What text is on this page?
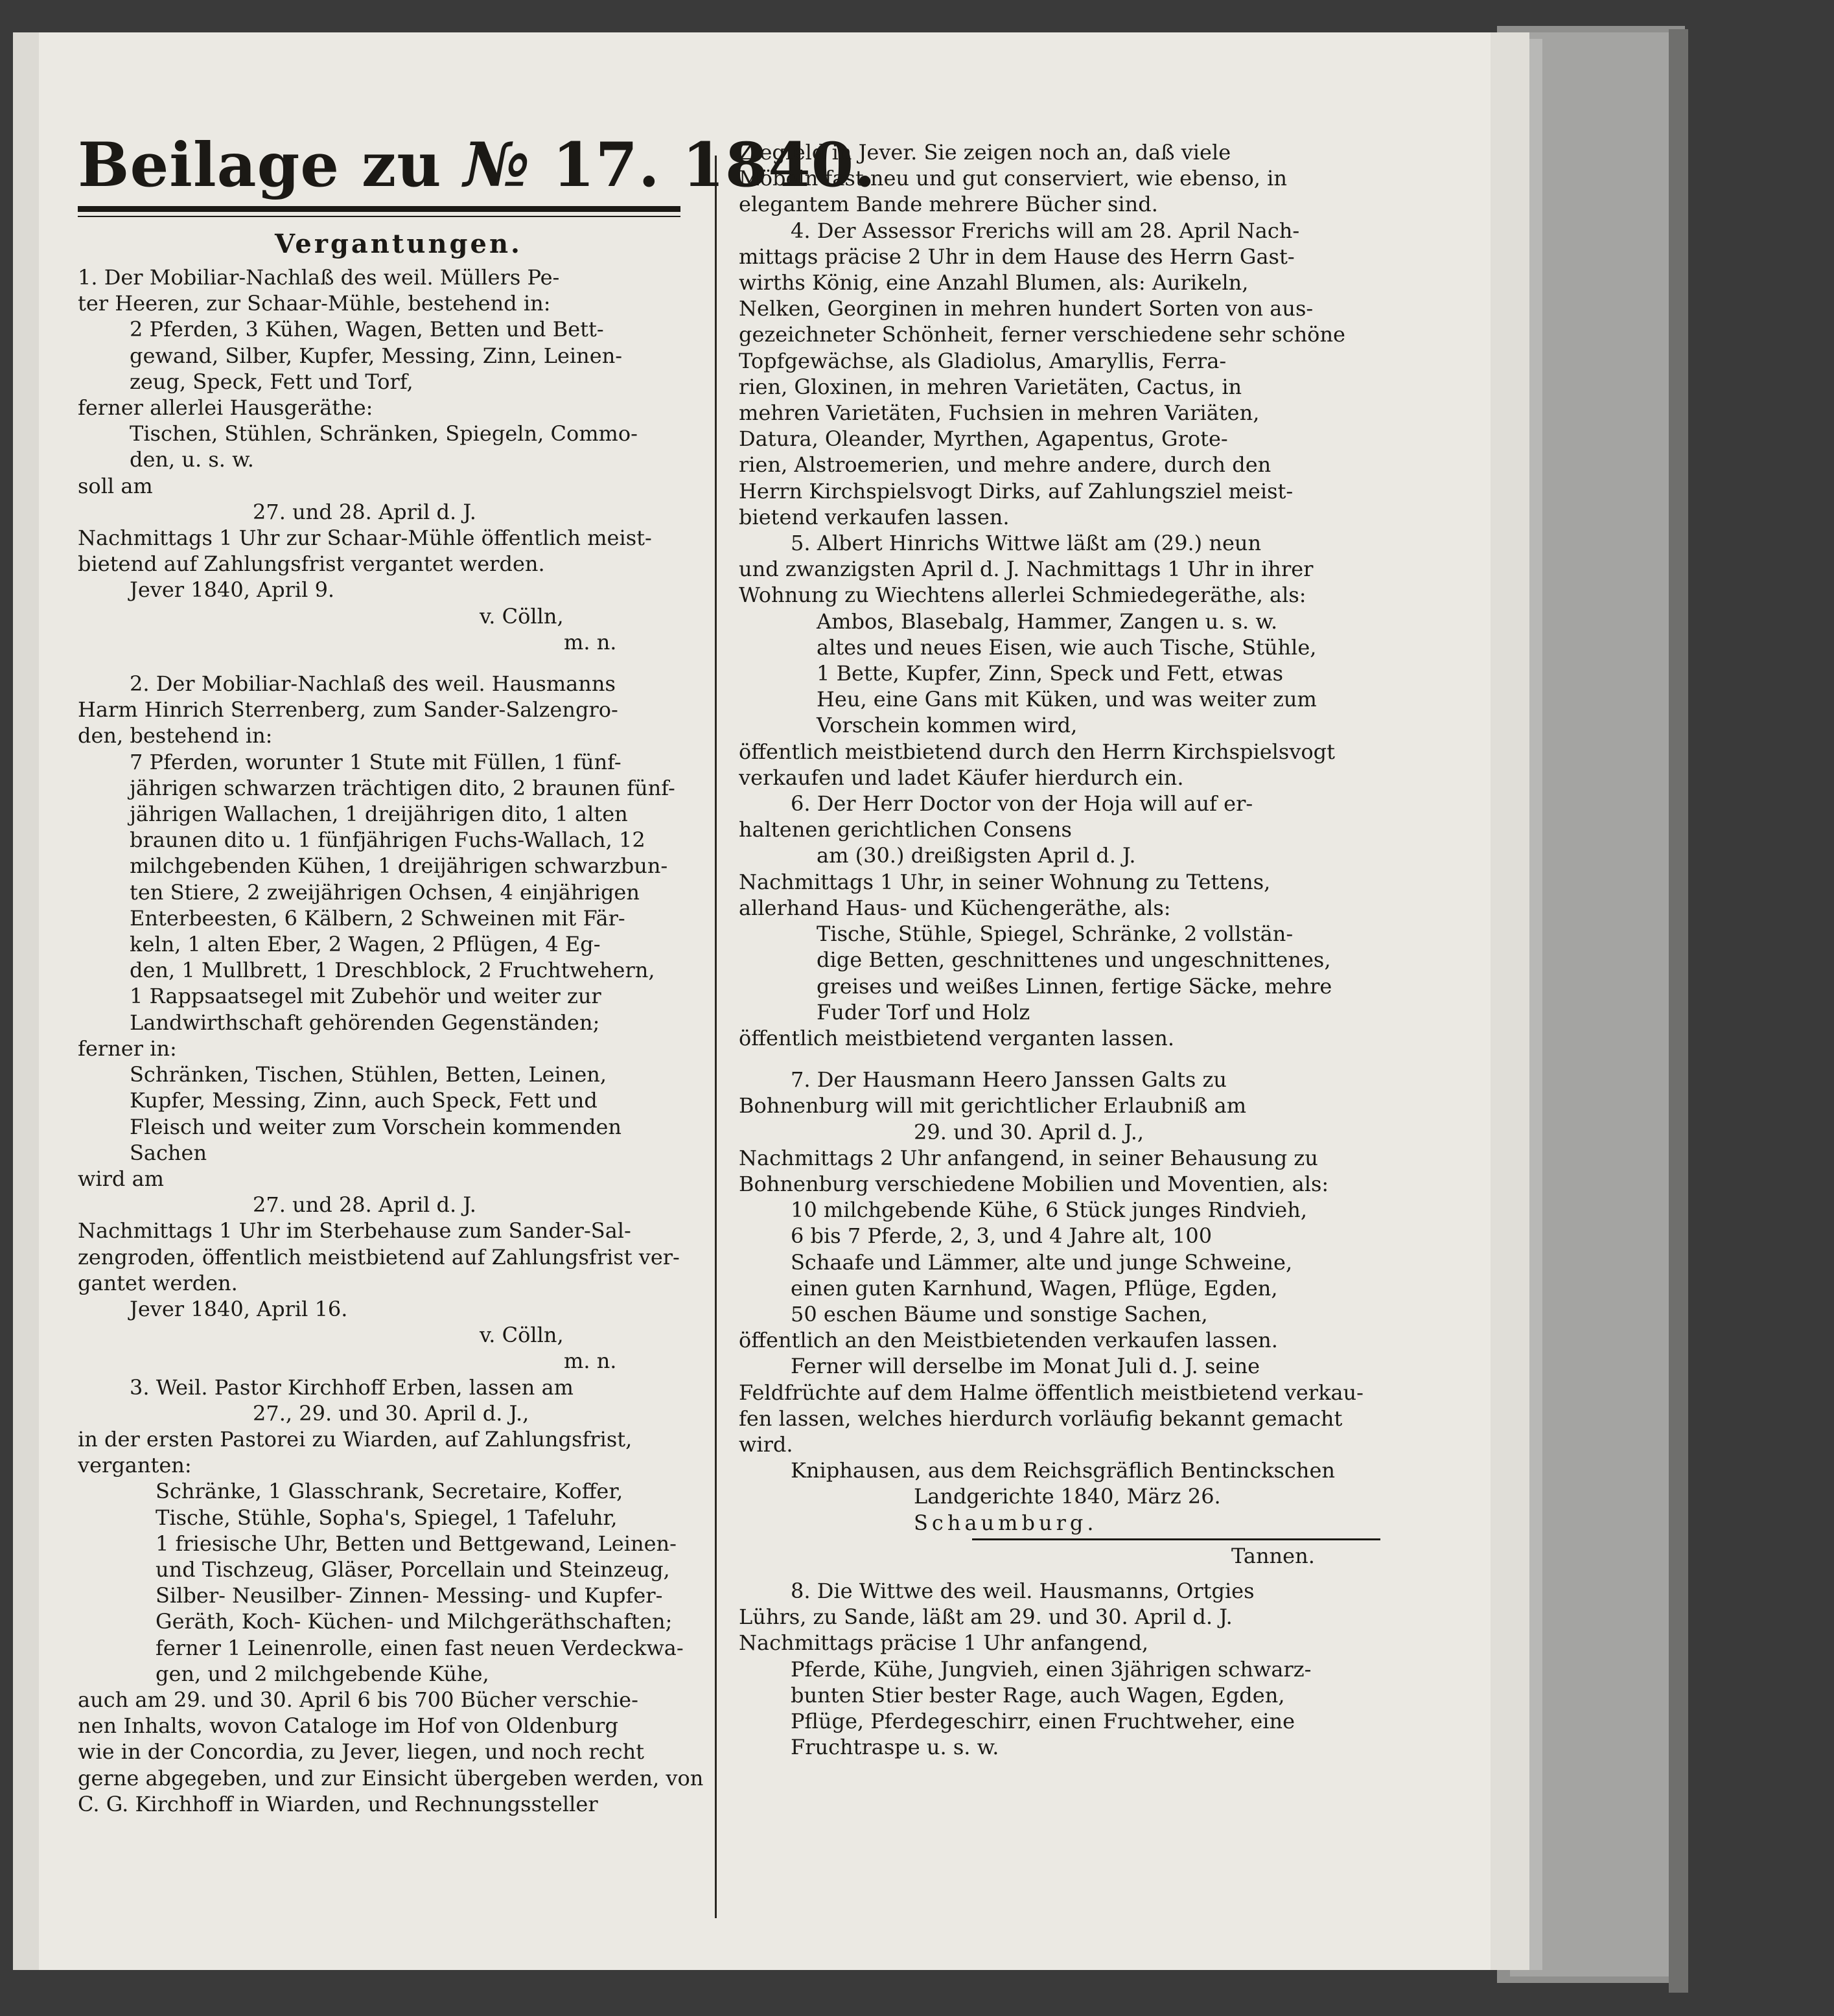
Beilage zu № 17. 1840.
Vergantungen.
1. Der Mobiliar-Nachlaß des weil. Müllers Pe-
ter Heeren, zur Schaar-Mühle, bestehend in:
2 Pferden, 3 Kühen, Wagen, Betten und Bett-
gewand, Silber, Kupfer, Messing, Zinn, Leinen-
zeug, Speck, Fett und Torf,
ferner allerlei Hausgeräthe:
Tischen, Stühlen, Schränken, Spiegeln, Commo-
den, u. s. w.
soll am
27. und 28. April d. J.
Nachmittags 1 Uhr zur Schaar-Mühle öffentlich meist-
bietend auf Zahlungsfrist vergantet werden.
Jever 1840, April 9.
v. Cölln,
m. n.
2. Der Mobiliar-Nachlaß des weil. Hausmanns
Harm Hinrich Sterrenberg, zum Sander-Salzengro-
den, bestehend in:
7 Pferden, worunter 1 Stute mit Füllen, 1 fünf-
jährigen schwarzen trächtigen dito, 2 braunen fünf-
jährigen Wallachen, 1 dreijährigen dito, 1 alten
braunen dito u. 1 fünfjährigen Fuchs-Wallach, 12
milchgebenden Kühen, 1 dreijährigen schwarzbun-
ten Stiere, 2 zweijährigen Ochsen, 4 einjährigen
Enterbeesten, 6 Kälbern, 2 Schweinen mit Fär-
keln, 1 alten Eber, 2 Wagen, 2 Pflügen, 4 Eg-
den, 1 Mullbrett, 1 Dreschblock, 2 Fruchtwehern,
1 Rappsaatsegel mit Zubehör und weiter zur
Landwirthschaft gehörenden Gegenständen;
ferner in:
Schränken, Tischen, Stühlen, Betten, Leinen,
Kupfer, Messing, Zinn, auch Speck, Fett und
Fleisch und weiter zum Vorschein kommenden
Sachen
wird am
27. und 28. April d. J.
Nachmittags 1 Uhr im Sterbehause zum Sander-Sal-
zengroden, öffentlich meistbietend auf Zahlungsfrist ver-
gantet werden.
Jever 1840, April 16.
v. Cölln,
m. n.
3. Weil. Pastor Kirchhoff Erben, lassen am
27., 29. und 30. April d. J.,
in der ersten Pastorei zu Wiarden, auf Zahlungsfrist,
verganten:
Schränke, 1 Glasschrank, Secretaire, Koffer,
Tische, Stühle, Sopha's, Spiegel, 1 Tafeluhr,
1 friesische Uhr, Betten und Bettgewand, Leinen-
und Tischzeug, Gläser, Porcellain und Steinzeug,
Silber- Neusilber- Zinnen- Messing- und Kupfer-
Geräth, Koch- Küchen- und Milchgeräthschaften;
ferner 1 Leinenrolle, einen fast neuen Verdeckwa-
gen, und 2 milchgebende Kühe,
auch am 29. und 30. April 6 bis 700 Bücher verschie-
nen Inhalts, wovon Cataloge im Hof von Oldenburg
wie in der Concordia, zu Jever, liegen, und noch recht
gerne abgegeben, und zur Einsicht übergeben werden, von
C. G. Kirchhoff in Wiarden, und Rechnungssteller
Ziegfeld in Jever. Sie zeigen noch an, daß viele
Möbeln fast neu und gut conserviert, wie ebenso, in
elegantem Bande mehrere Bücher sind.
4. Der Assessor Frerichs will am 28. April Nach-
mittags präcise 2 Uhr in dem Hause des Herrn Gast-
wirths König, eine Anzahl Blumen, als: Aurikeln,
Nelken, Georginen in mehren hundert Sorten von aus-
gezeichneter Schönheit, ferner verschiedene sehr schöne
Topfgewächse, als Gladiolus, Amaryllis, Ferra-
rien, Gloxinen, in mehren Varietäten, Cactus, in
mehren Varietäten, Fuchsien in mehren Variäten,
Datura, Oleander, Myrthen, Agapentus, Grote-
rien, Alstroemerien, und mehre andere, durch den
Herrn Kirchspielsvogt Dirks, auf Zahlungsziel meist-
bietend verkaufen lassen.
5. Albert Hinrichs Wittwe läßt am (29.) neun
und zwanzigsten April d. J. Nachmittags 1 Uhr in ihrer
Wohnung zu Wiechtens allerlei Schmiedegeräthe, als:
Ambos, Blasebalg, Hammer, Zangen u. s. w.
altes und neues Eisen, wie auch Tische, Stühle,
1 Bette, Kupfer, Zinn, Speck und Fett, etwas
Heu, eine Gans mit Küken, und was weiter zum
Vorschein kommen wird,
öffentlich meistbietend durch den Herrn Kirchspielsvogt
verkaufen und ladet Käufer hierdurch ein.
6. Der Herr Doctor von der Hoja will auf er-
haltenen gerichtlichen Consens
am (30.) dreißigsten April d. J.
Nachmittags 1 Uhr, in seiner Wohnung zu Tettens,
allerhand Haus- und Küchengeräthe, als:
Tische, Stühle, Spiegel, Schränke, 2 vollstän-
dige Betten, geschnittenes und ungeschnittenes,
greises und weißes Linnen, fertige Säcke, mehre
Fuder Torf und Holz
öffentlich meistbietend verganten lassen.
7. Der Hausmann Heero Janssen Galts zu
Bohnenburg will mit gerichtlicher Erlaubniß am
29. und 30. April d. J.,
Nachmittags 2 Uhr anfangend, in seiner Behausung zu
Bohnenburg verschiedene Mobilien und Moventien, als:
10 milchgebende Kühe, 6 Stück junges Rindvieh,
6 bis 7 Pferde, 2, 3, und 4 Jahre alt, 100
Schaafe und Lämmer, alte und junge Schweine,
einen guten Karnhund, Wagen, Pflüge, Egden,
50 eschen Bäume und sonstige Sachen,
öffentlich an den Meistbietenden verkaufen lassen.
Ferner will derselbe im Monat Juli d. J. seine
Feldfrüchte auf dem Halme öffentlich meistbietend verkau-
fen lassen, welches hierdurch vorläufig bekannt gemacht
wird.
Kniphausen, aus dem Reichsgräflich Bentinckschen
Landgerichte 1840, März 26.
Schaumburg.
Tannen.
8. Die Wittwe des weil. Hausmanns, Ortgies
Lührs, zu Sande, läßt am 29. und 30. April d. J.
Nachmittags präcise 1 Uhr anfangend,
Pferde, Kühe, Jungvieh, einen 3jährigen schwarz-
bunten Stier bester Rage, auch Wagen, Egden,
Pflüge, Pferdegeschirr, einen Fruchtweher, eine
Fruchtraspe u. s. w.
